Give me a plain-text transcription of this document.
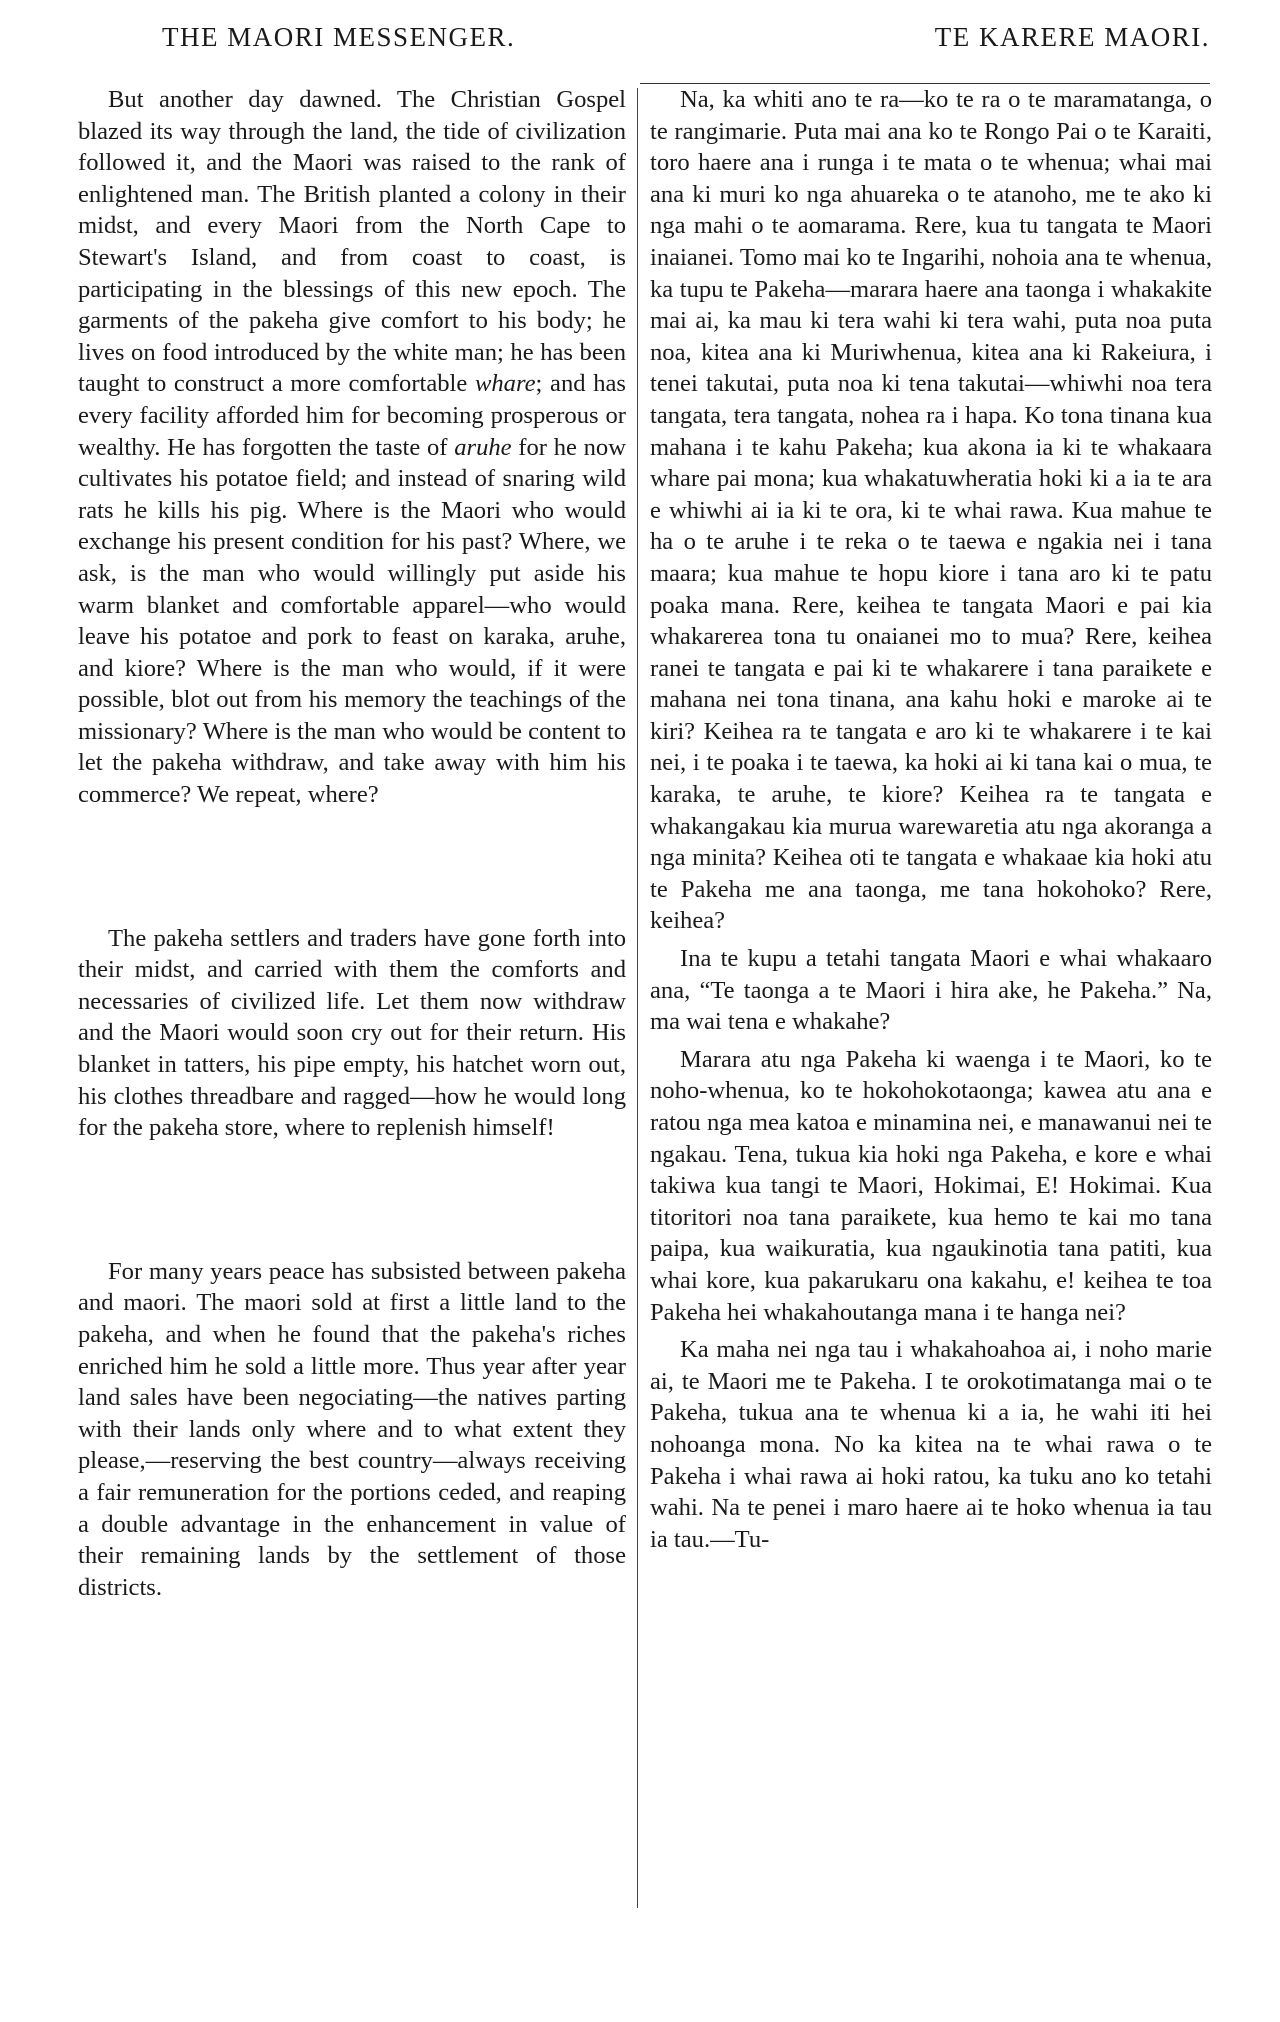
THE MAORI MESSENGER.	TE KARERE MAORI.

But another day dawned. The Christian Gospel blazed its way through the land, the tide of civilization followed it, and the Maori was raised to the rank of enlightened man. The British planted a colony in their midst, and every Maori from the North Cape to Stewart's Island, and from coast to coast, is participating in the blessings of this new epoch. The garments of the pakeha give comfort to his body; he lives on food introduced by the white man; he has been taught to construct a more comfortable whare; and has every facility afforded him for becoming prosperous or wealthy. He has forgotten the taste of aruhe for he now cultivates his potatoe field; and instead of snaring wild rats he kills his pig. Where is the Maori who would exchange his present condition for his past? Where, we ask, is the man who would willingly put aside his warm blanket and comfortable apparel—who would leave his potatoe and pork to feast on karaka, aruhe, and kiore? Where is the man who would, if it were possible, blot out from his memory the teachings of the missionary? Where is the man who would be content to let the pakeha withdraw, and take away with him his commerce? We repeat, where?

The pakeha settlers and traders have gone forth into their midst, and carried with them the comforts and necessaries of civilized life. Let them now withdraw and the Maori would soon cry out for their return. His blanket in tatters, his pipe empty, his hatchet worn out, his clothes threadbare and ragged—how he would long for the pakeha store, where to replenish himself!

For many years peace has subsisted between pakeha and maori. The maori sold at first a little land to the pakeha, and when he found that the pakeha's riches enriched him he sold a little more. Thus year after year land sales have been negociating—the natives parting with their lands only where and to what extent they please,—reserving the best country—always receiving a fair remuneration for the portions ceded, and reaping a double advantage in the enhancement in value of their remaining lands by the settlement of those districts.

Na, ka whiti ano te ra—ko te ra o te maramatanga, o te rangimarie. Puta mai ana ko te Rongo Pai o te Karaiti, toro haere ana i runga i te mata o te whenua; whai mai ana ki muri ko nga ahuareka o te atanoho, me te ako ki nga mahi o te aomarama. Rere, kua tu tangata te Maori inaianei. Tomo mai ko te Ingarihi, nohoia ana te whenua, ka tupu te Pakeha—marara haere ana taonga i whakakite mai ai, ka mau ki tera wahi ki tera wahi, puta noa puta noa, kitea ana ki Muriwhenua, kitea ana ki Rakeiura, i tenei takutai, puta noa ki tena takutai—whiwhi noa tera tangata, tera tangata, nohea ra i hapa. Ko tona tinana kua mahana i te kahu Pakeha; kua akona ia ki te whakaara whare pai mona; kua whakatuwheratia hoki ki a ia te ara e whiwhi ai ia ki te ora, ki te whai rawa. Kua mahue te ha o te aruhe i te reka o te taewa e ngakia nei i tana maara; kua mahue te hopu kiore i tana aro ki te patu poaka mana. Rere, keihea te tangata Maori e pai kia whakarerea tona tu onaianei mo to mua? Rere, keihea ranei te tangata e pai ki te whakarere i tana paraikete e mahana nei tona tinana, ana kahu hoki e maroke ai te kiri? Keihea ra te tangata e aro ki te whakarere i te kai nei, i te poaka i te taewa, ka hoki ai ki tana kai o mua, te karaka, te aruhe, te kiore? Keihea ra te tangata e whakangakau kia murua warewaretia atu nga akoranga a nga minita? Keihea oti te tangata e whakaae kia hoki atu te Pakeha me ana taonga, me tana hokohoko? Rere, keihea?

Ina te kupu a tetahi tangata Maori e whai whakaaro ana, “Te taonga a te Maori i hira ake, he Pakeha.” Na, ma wai tena e whakahe?

Marara atu nga Pakeha ki waenga i te Maori, ko te noho-whenua, ko te hokohokotaonga; kawea atu ana e ratou nga mea katoa e minamina nei, e manawanui nei te ngakau. Tena, tukua kia hoki nga Pakeha, e kore e whai takiwa kua tangi te Maori, Hokimai, E! Hokimai. Kua titoritori noa tana paraikete, kua hemo te kai mo tana paipa, kua waikuratia, kua ngaukinotia tana patiti, kua whai kore, kua pakarukaru ona kakahu, e! keihea te toa Pakeha hei whakahoutanga mana i te hanga nei?

Ka maha nei nga tau i whakahoahoa ai, i noho marie ai, te Maori me te Pakeha. I te orokotimatanga mai o te Pakeha, tukua ana te whenua ki a ia, he wahi iti hei nohoanga mona. No ka kitea na te whai rawa o te Pakeha i whai rawa ai hoki ratou, ka tuku ano ko tetahi wahi. Na te penei i maro haere ai te hoko whenua ia tau ia tau.—Tu-
